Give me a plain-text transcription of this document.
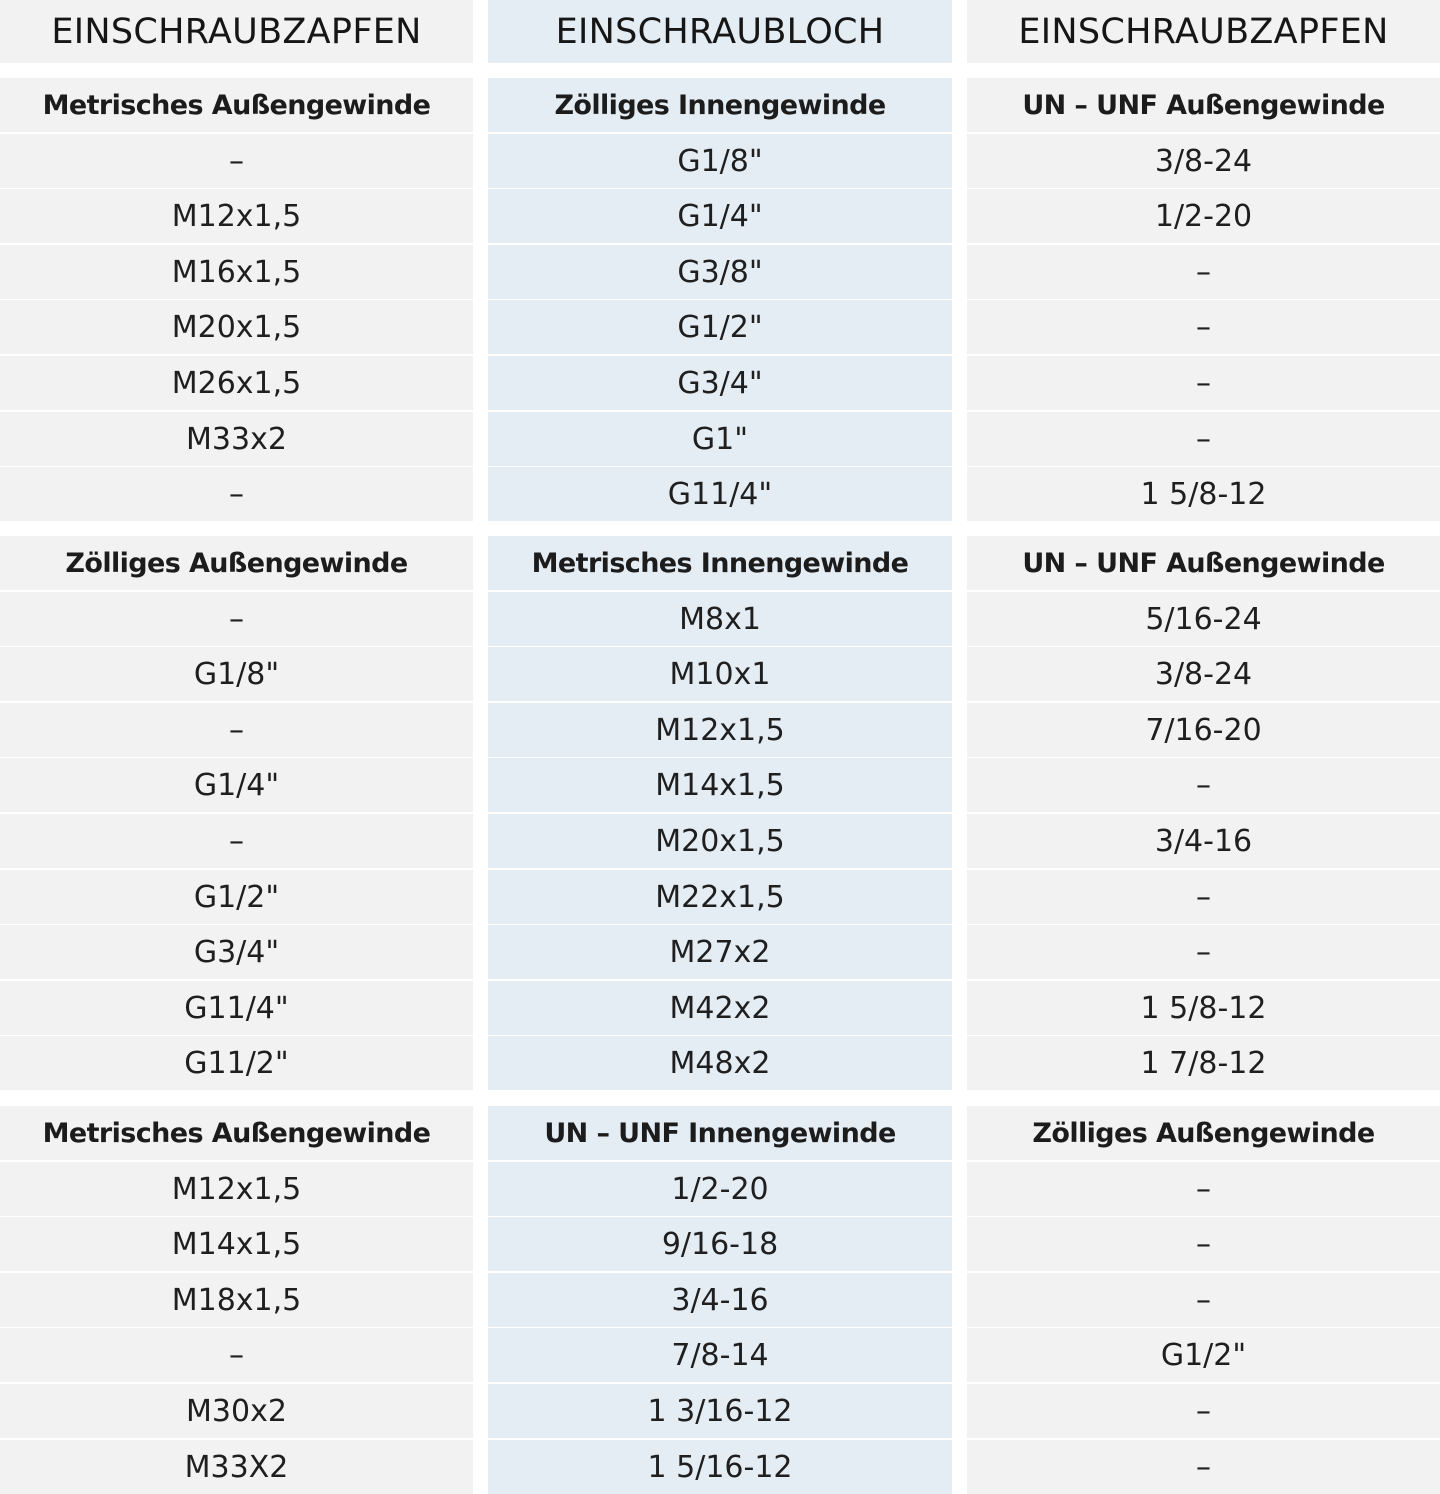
EINSCHRAUBZAPFEN
Metrisches Außengewinde
–
M12x1,5
M16x1,5
M20x1,5
M26x1,5
M33x2
–
Zölliges Außengewinde
–
G1/8"
–
G1/4"
–
G1/2"
G3/4"
G11/4"
G11/2"
Metrisches Außengewinde
M12x1,5
M14x1,5
M18x1,5
–
M30x2
M33X2
EINSCHRAUBLOCH
Zölliges Innengewinde
G1/8"
G1/4"
G3/8"
G1/2"
G3/4"
G1"
G11/4"
Metrisches Innengewinde
M8x1
M10x1
M12x1,5
M14x1,5
M20x1,5
M22x1,5
M27x2
M42x2
M48x2
UN – UNF Innengewinde
1/2-20
9/16-18
3/4-16
7/8-14
1 3/16-12
1 5/16-12
EINSCHRAUBZAPFEN
UN – UNF Außengewinde
3/8-24
1/2-20
–
–
–
–
1 5/8-12
UN – UNF Außengewinde
5/16-24
3/8-24
7/16-20
–
3/4-16
–
–
1 5/8-12
1 7/8-12
Zölliges Außengewinde
–
–
–
G1/2"
–
–
